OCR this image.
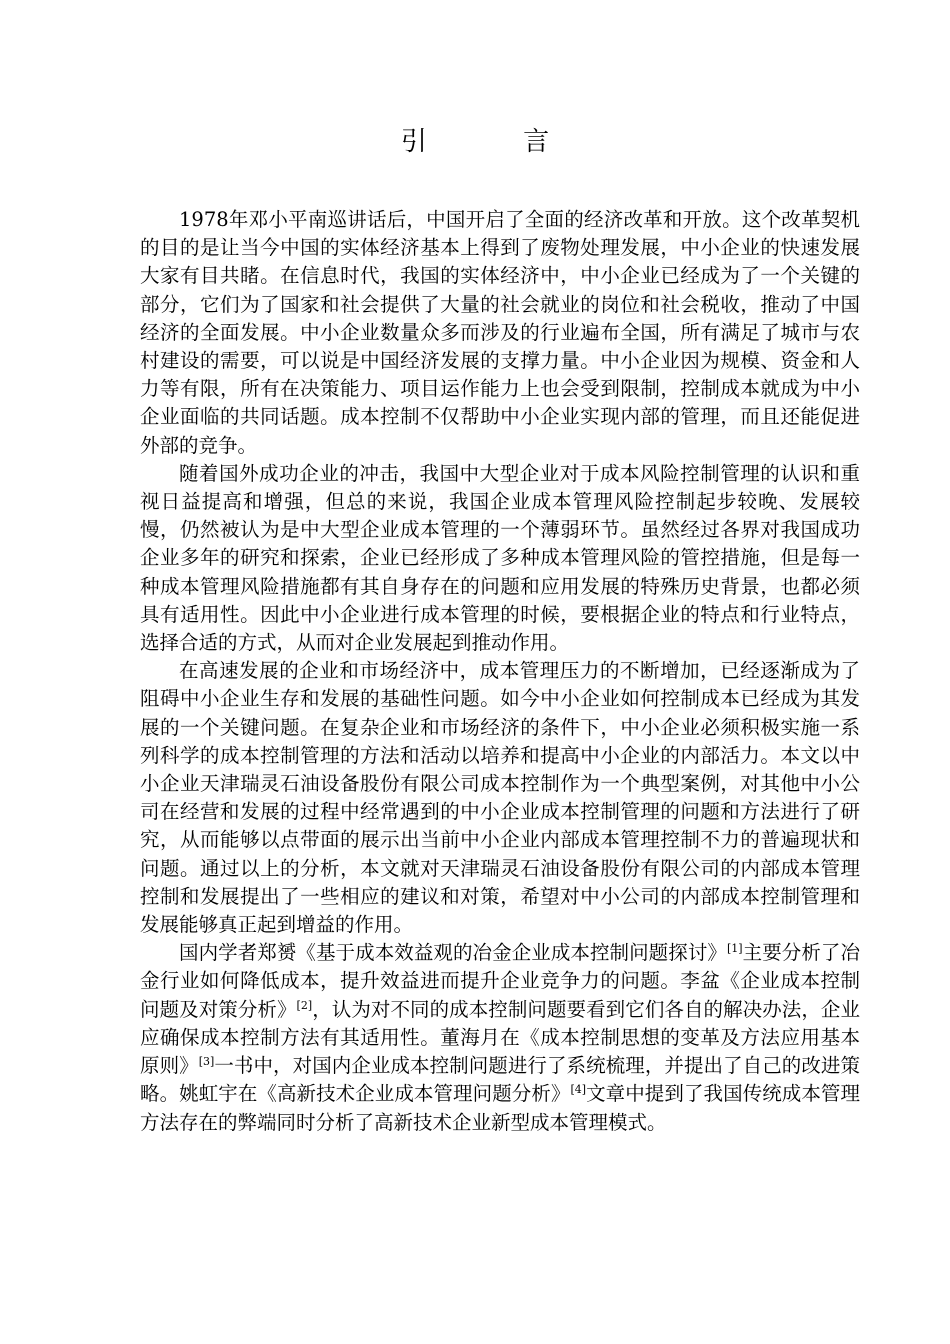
引 言

1978年邓小平南巡讲话后，中国开启了全面的经济改革和开放。这个改革契机的目的是让当今中国的实体经济基本上得到了废物处理发展，中小企业的快速发展大家有目共睹。在信息时代，我国的实体经济中，中小企业已经成为了一个关键的部分，它们为了国家和社会提供了大量的社会就业的岗位和社会税收，推动了中国经济的全面发展。中小企业数量众多而涉及的行业遍布全国，所有满足了城市与农村建设的需要，可以说是中国经济发展的支撑力量。中小企业因为规模、资金和人力等有限，所有在决策能力、项目运作能力上也会受到限制，控制成本就成为中小企业面临的共同话题。成本控制不仅帮助中小企业实现内部的管理，而且还能促进外部的竞争。

随着国外成功企业的冲击，我国中大型企业对于成本风险控制管理的认识和重视日益提高和增强，但总的来说，我国企业成本管理风险控制起步较晚、发展较慢，仍然被认为是中大型企业成本管理的一个薄弱环节。虽然经过各界对我国成功企业多年的研究和探索，企业已经形成了多种成本管理风险的管控措施，但是每一种成本管理风险措施都有其自身存在的问题和应用发展的特殊历史背景，也都必须具有适用性。因此中小企业进行成本管理的时候，要根据企业的特点和行业特点，选择合适的方式，从而对企业发展起到推动作用。

在高速发展的企业和市场经济中，成本管理压力的不断增加，已经逐渐成为了阻碍中小企业生存和发展的基础性问题。如今中小企业如何控制成本已经成为其发展的一个关键问题。在复杂企业和市场经济的条件下，中小企业必须积极实施一系列科学的成本控制管理的方法和活动以培养和提高中小企业的内部活力。本文以中小企业天津瑞灵石油设备股份有限公司成本控制作为一个典型案例，对其他中小公司在经营和发展的过程中经常遇到的中小企业成本控制管理的问题和方法进行了研究，从而能够以点带面的展示出当前中小企业内部成本管理控制不力的普遍现状和问题。通过以上的分析，本文就对天津瑞灵石油设备股份有限公司的内部成本管理控制和发展提出了一些相应的建议和对策，希望对中小公司的内部成本控制管理和发展能够真正起到增益的作用。

国内学者郑赟《基于成本效益观的冶金企业成本控制问题探讨》[1]主要分析了冶金行业如何降低成本，提升效益进而提升企业竞争力的问题。李盆《企业成本控制问题及对策分析》[2]，认为对不同的成本控制问题要看到它们各自的解决办法，企业应确保成本控制方法有其适用性。董海月在《成本控制思想的变革及方法应用基本原则》[3]一书中，对国内企业成本控制问题进行了系统梳理，并提出了自己的改进策略。姚虹宇在《高新技术企业成本管理问题分析》[4]文章中提到了我国传统成本管理方法存在的弊端同时分析了高新技术企业新型成本管理模式。
